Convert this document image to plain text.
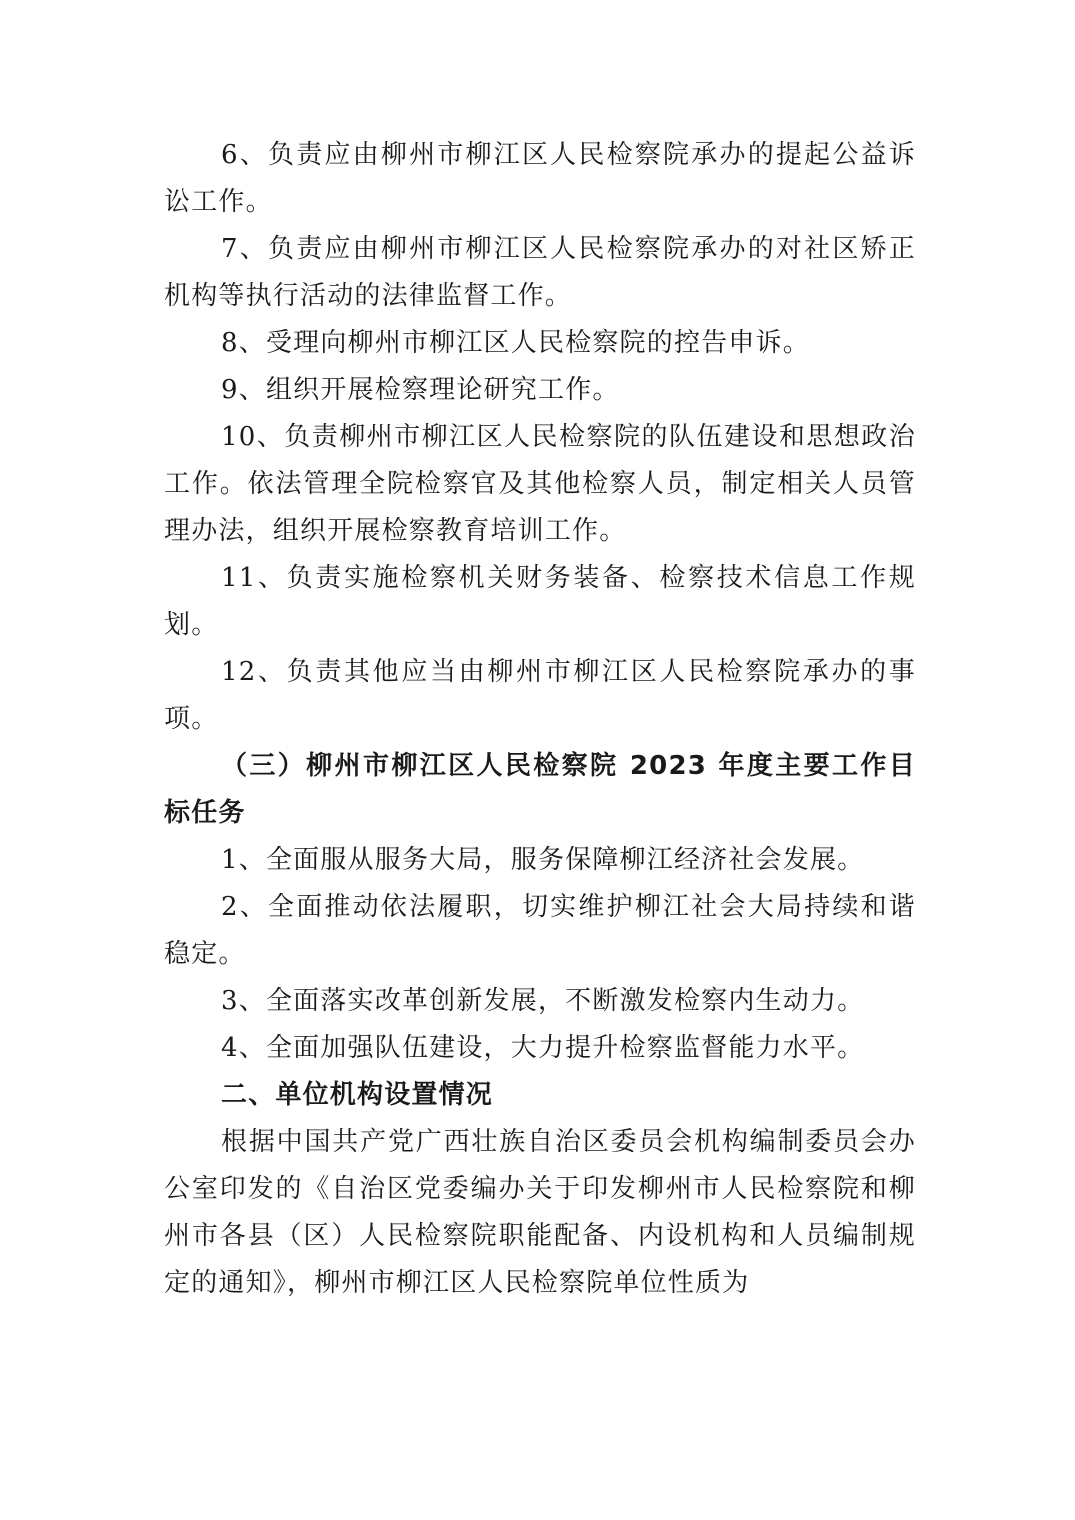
6、负责应由柳州市柳江区人民检察院承办的提起公益诉讼工作。

7、负责应由柳州市柳江区人民检察院承办的对社区矫正机构等执行活动的法律监督工作。

8、受理向柳州市柳江区人民检察院的控告申诉。

9、组织开展检察理论研究工作。

10、负责柳州市柳江区人民检察院的队伍建设和思想政治工作。依法管理全院检察官及其他检察人员，制定相关人员管理办法，组织开展检察教育培训工作。

11、负责实施检察机关财务装备、检察技术信息工作规划。

12、负责其他应当由柳州市柳江区人民检察院承办的事项。

（三）柳州市柳江区人民检察院 2023 年度主要工作目标任务

1、全面服从服务大局，服务保障柳江经济社会发展。

2、全面推动依法履职，切实维护柳江社会大局持续和谐稳定。

3、全面落实改革创新发展，不断激发检察内生动力。

4、全面加强队伍建设，大力提升检察监督能力水平。

二、单位机构设置情况

根据中国共产党广西壮族自治区委员会机构编制委员会办公室印发的《自治区党委编办关于印发柳州市人民检察院和柳州市各县（区）人民检察院职能配备、内设机构和人员编制规定的通知》，柳州市柳江区人民检察院单位性质为
